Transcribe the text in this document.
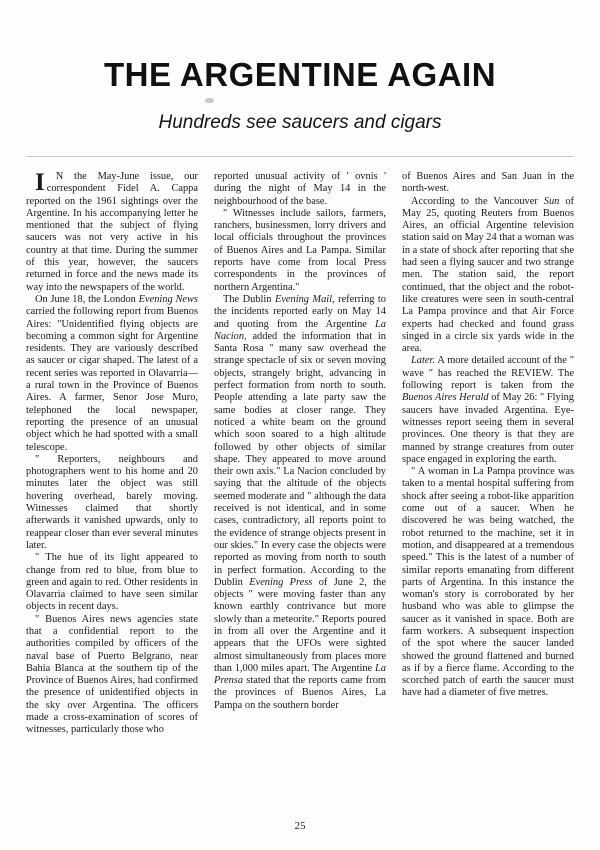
THE ARGENTINE AGAIN
Hundreds see saucers and cigars

I N the May-June issue, our correspondent Fidel A. Cappa reported on the 1961 sightings over the Argentine. In his accompanying letter he mentioned that the subject of flying saucers was not very active in his country at that time. During the summer of this year, however, the saucers returned in force and the news made its way into the newspapers of the world.

On June 18, the London Evening News carried the following report from Buenos Aires: "Unidentified flying objects are becoming a common sight for Argentine residents. They are variously described as saucer or cigar shaped. The latest of a recent series was reported in Olavarria—a rural town in the Province of Buenos Aires. A farmer, Senor Jose Muro, telephoned the local newspaper, reporting the presence of an unusual object which he had spotted with a small telescope.

" Reporters, neighbours and photographers went to his home and 20 minutes later the object was still hovering overhead, barely moving. Witnesses claimed that shortly afterwards it vanished upwards, only to reappear closer than ever several minutes later.

" The hue of its light appeared to change from red to blue, from blue to green and again to red. Other residents in Olavarria claimed to have seen similar objects in recent days.

" Buenos Aires news agencies state that a confidential report to the authorities compiled by officers of the naval base of Puerto Belgrano, near Bahia Blanca at the southern tip of the Province of Buenos Aires, had confirmed the presence of unidentified objects in the sky over Argentina. The officers made a cross-examination of scores of witnesses, particularly those who

reported unusual activity of ' ovnis ' during the night of May 14 in the neighbourhood of the base.

" Witnesses include sailors, farmers, ranchers, businessmen, lorry drivers and local officials throughout the provinces of Buenos Aires and La Pampa. Similar reports have come from local Press correspondents in the provinces of northern Argentina."

The Dublin Evening Mail, referring to the incidents reported early on May 14 and quoting from the Argentine La Nacion, added the information that in Santa Rosa " many saw overhead the strange spectacle of six or seven moving objects, strangely bright, advancing in perfect formation from north to south. People attending a late party saw the same bodies at closer range. They noticed a white beam on the ground which soon soared to a high altitude followed by other objects of similar shape. They appeared to move around their own axis." La Nacion concluded by saying that the altitude of the objects seemed moderate and " although the data received is not identical, and in some cases, contradictory, all reports point to the evidence of strange objects present in our skies." In every case the objects were reported as moving from north to south in perfect formation. According to the Dublin Evening Press of June 2, the objects " were moving faster than any known earthly contrivance but more slowly than a meteorite." Reports poured in from all over the Argentine and it appears that the UFOs were sighted almost simultaneously from places more than 1,000 miles apart. The Argentine La Prensa stated that the reports came from the provinces of Buenos Aires, La Pampa on the southern border

of Buenos Aires and San Juan in the north-west.

According to the Vancouver Sun of May 25, quoting Reuters from Buenos Aires, an official Argentine television station said on May 24 that a woman was in a state of shock after reporting that she had seen a flying saucer and two strange men. The station said, the report continued, that the object and the robot-like creatures were seen in south-central La Pampa province and that Air Force experts had checked and found grass singed in a circle six yards wide in the area.

Later. A more detailed account of the " wave " has reached the REVIEW. The following report is taken from the Buenos Aires Herald of May 26: " Flying saucers have invaded Argentina. Eye-witnesses report seeing them in several provinces. One theory is that they are manned by strange creatures from outer space engaged in exploring the earth.

" A woman in La Pampa province was taken to a mental hospital suffering from shock after seeing a robot-like apparition come out of a saucer. When he discovered he was being watched, the robot returned to the machine, set it in motion, and disappeared at a tremendous speed." This is the latest of a number of similar reports emanating from different parts of Argentina. In this instance the woman's story is corroborated by her husband who was able to glimpse the saucer as it vanished in space. Both are farm workers. A subsequent inspection of the spot where the saucer landed showed the ground flattened and burned as if by a fierce flame. According to the scorched patch of earth the saucer must have had a diameter of five metres.

25
